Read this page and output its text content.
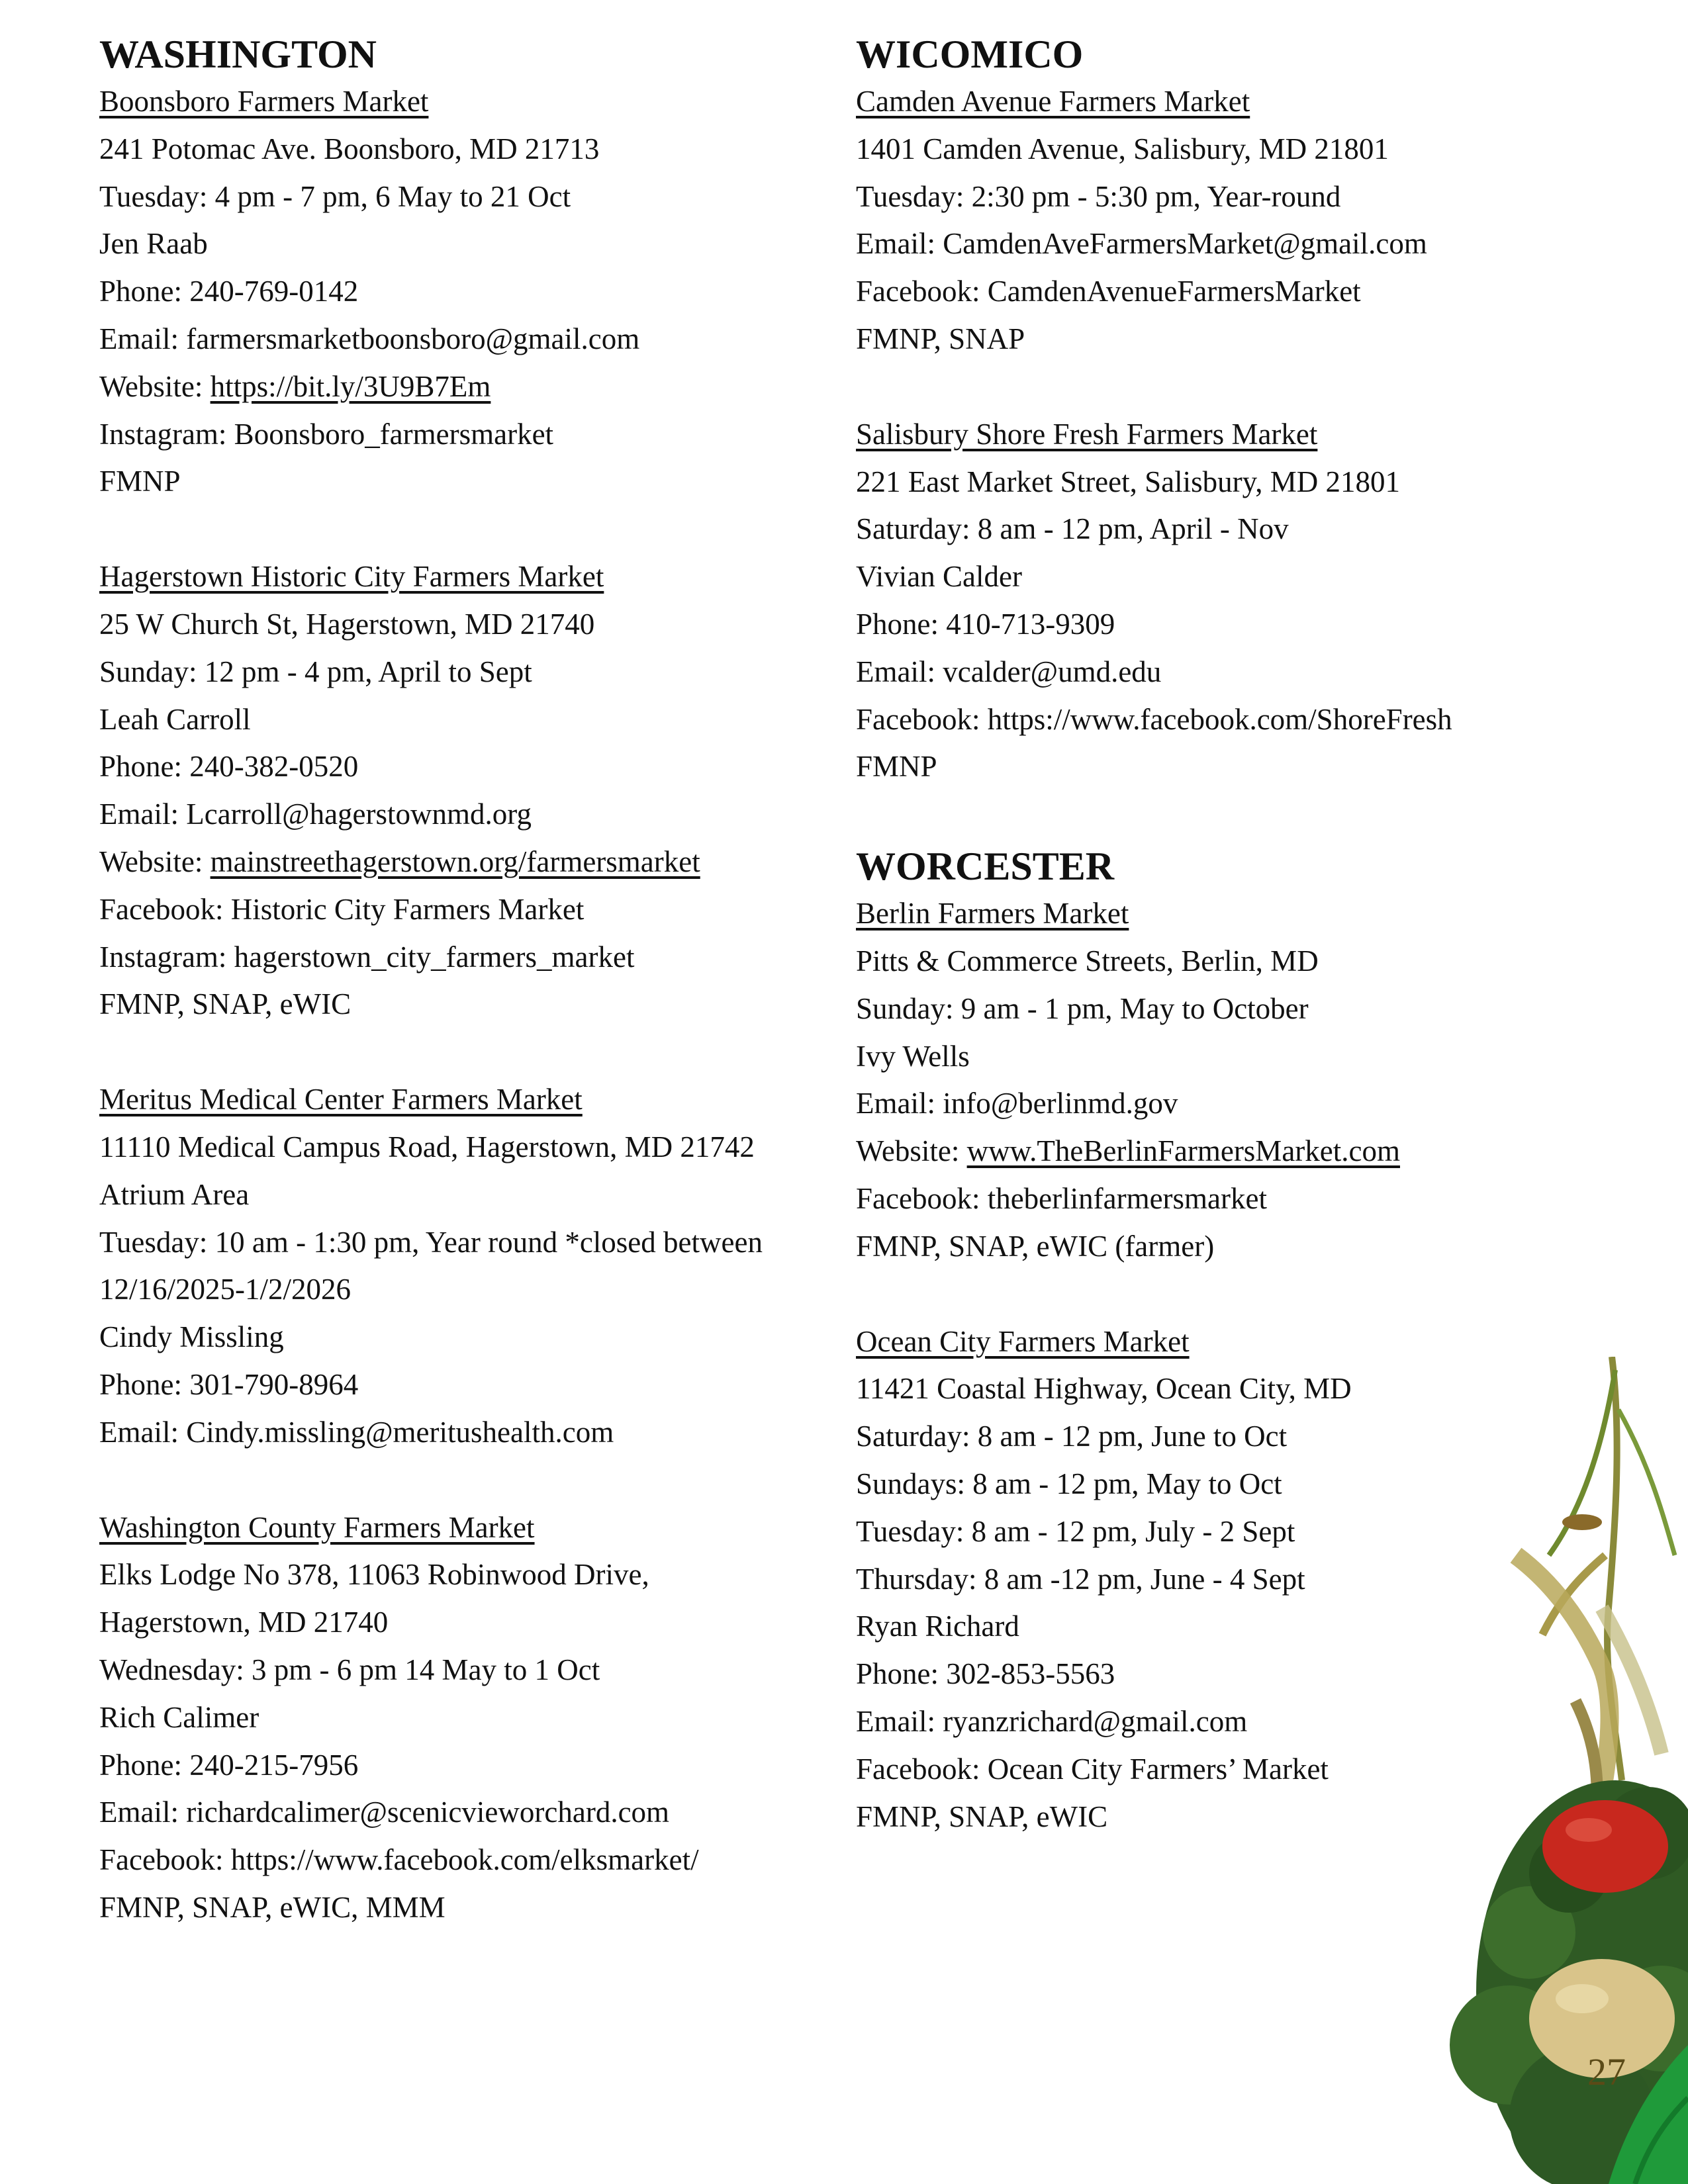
WASHINGTON
Boonsboro Farmers Market
241 Potomac Ave. Boonsboro, MD 21713
Tuesday: 4 pm - 7 pm, 6 May to 21 Oct
Jen Raab
Phone: 240-769-0142
Email: farmersmarketboonsboro@gmail.com
Website: https://bit.ly/3U9B7Em
Instagram: Boonsboro_farmersmarket
FMNP
Hagerstown Historic City Farmers Market
25 W Church St, Hagerstown, MD 21740
Sunday: 12 pm - 4 pm, April to Sept
Leah Carroll
Phone: 240-382-0520
Email: Lcarroll@hagerstownmd.org
Website: mainstreethagerstown.org/farmersmarket
Facebook: Historic City Farmers Market
Instagram: hagerstown_city_farmers_market
FMNP, SNAP, eWIC
Meritus Medical Center Farmers Market
11110 Medical Campus Road, Hagerstown, MD 21742
Atrium Area
Tuesday: 10 am - 1:30 pm, Year round *closed between
12/16/2025-1/2/2026
Cindy Missling
Phone: 301-790-8964
Email: Cindy.missling@meritushealth.com
Washington County Farmers Market
Elks Lodge No 378, 11063 Robinwood Drive,
Hagerstown, MD 21740
Wednesday: 3 pm - 6 pm 14 May to 1 Oct
Rich Calimer
Phone: 240-215-7956
Email: richardcalimer@scenicvieworchard.com
Facebook: https://www.facebook.com/elksmarket/
FMNP, SNAP, eWIC, MMM
WICOMICO
Camden Avenue Farmers Market
1401 Camden Avenue, Salisbury, MD 21801
Tuesday: 2:30 pm - 5:30 pm, Year-round
Email: CamdenAveFarmersMarket@gmail.com
Facebook: CamdenAvenueFarmersMarket
FMNP, SNAP
Salisbury Shore Fresh Farmers Market
221 East Market Street, Salisbury, MD 21801
Saturday: 8 am - 12 pm, April - Nov
Vivian Calder
Phone: 410-713-9309
Email: vcalder@umd.edu
Facebook: https://www.facebook.com/ShoreFresh
FMNP
WORCESTER
Berlin Farmers Market
Pitts & Commerce Streets, Berlin, MD
Sunday: 9 am - 1 pm, May to October
Ivy Wells
Email: info@berlinmd.gov
Website: www.TheBerlinFarmersMarket.com
Facebook: theberlinfarmersmarket
FMNP, SNAP, eWIC (farmer)
Ocean City Farmers Market
11421 Coastal Highway, Ocean City, MD
Saturday: 8 am - 12 pm, June to Oct
Sundays: 8 am - 12 pm, May to Oct
Tuesday: 8 am - 12 pm, July - 2 Sept
Thursday: 8 am -12 pm, June - 4 Sept
Ryan Richard
Phone: 302-853-5563
Email: ryanzrichard@gmail.com
Facebook: Ocean City Farmers’ Market
FMNP, SNAP, eWIC
27
